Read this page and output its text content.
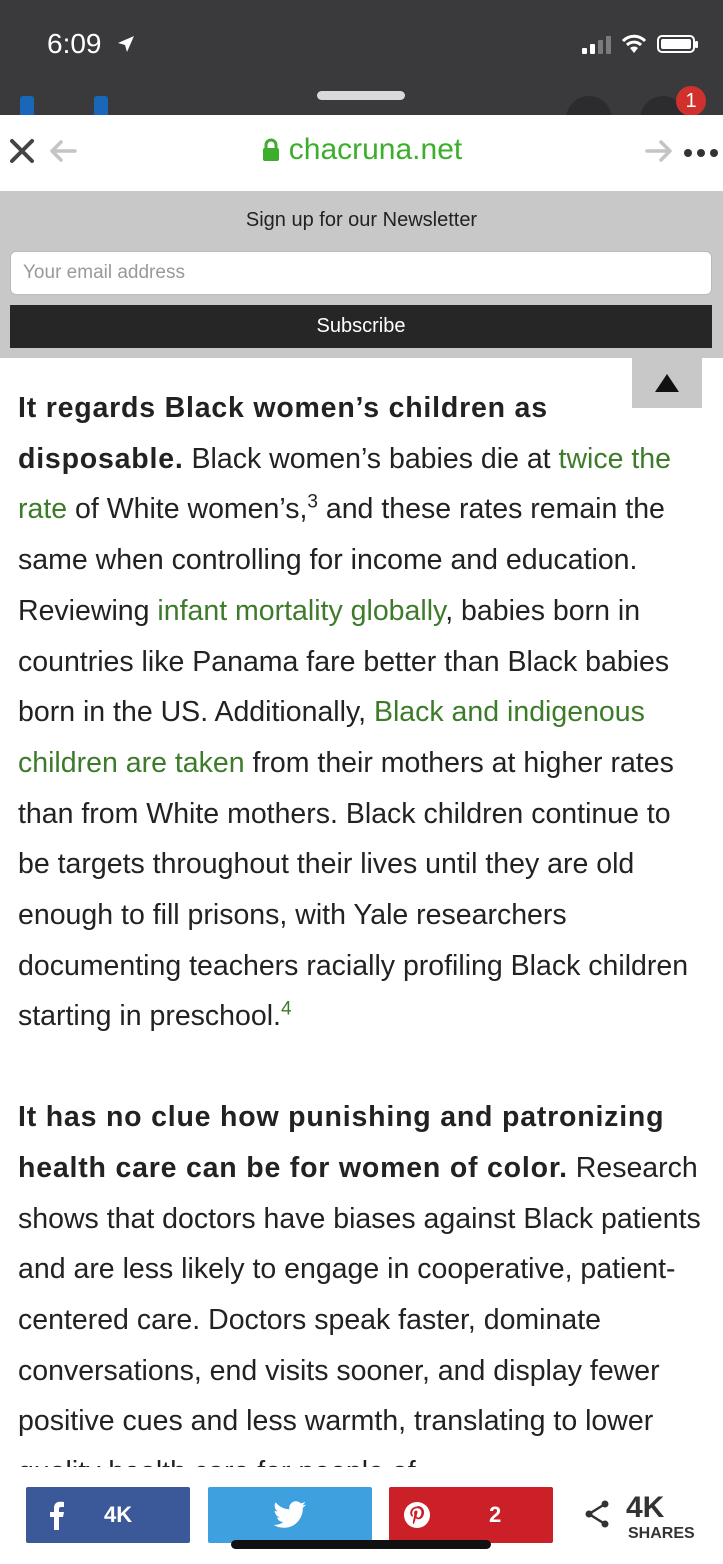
6:09
1
chacruna.net
Sign up for our Newsletter
Your email address
Subscribe

It regards Black women’s children as disposable. Black women’s babies die at twice the rate of White women’s,$^3$ and these rates remain the same when controlling for income and education. Reviewing infant mortality globally, babies born in countries like Panama fare better than Black babies born in the US. Additionally, Black and indigenous children are taken from their mothers at higher rates than from White mothers. Black children continue to be targets throughout their lives until they are old enough to fill prisons, with Yale researchers documenting teachers racially profiling Black children starting in preschool.$^4$

It has no clue how punishing and patronizing health care can be for women of color. Research shows that doctors have biases against Black patients and are less likely to engage in cooperative, patient-centered care. Doctors speak faster, dominate conversations, end visits sooner, and display fewer positive cues and less warmth, translating to lower

4K	2	4K
SHARES
